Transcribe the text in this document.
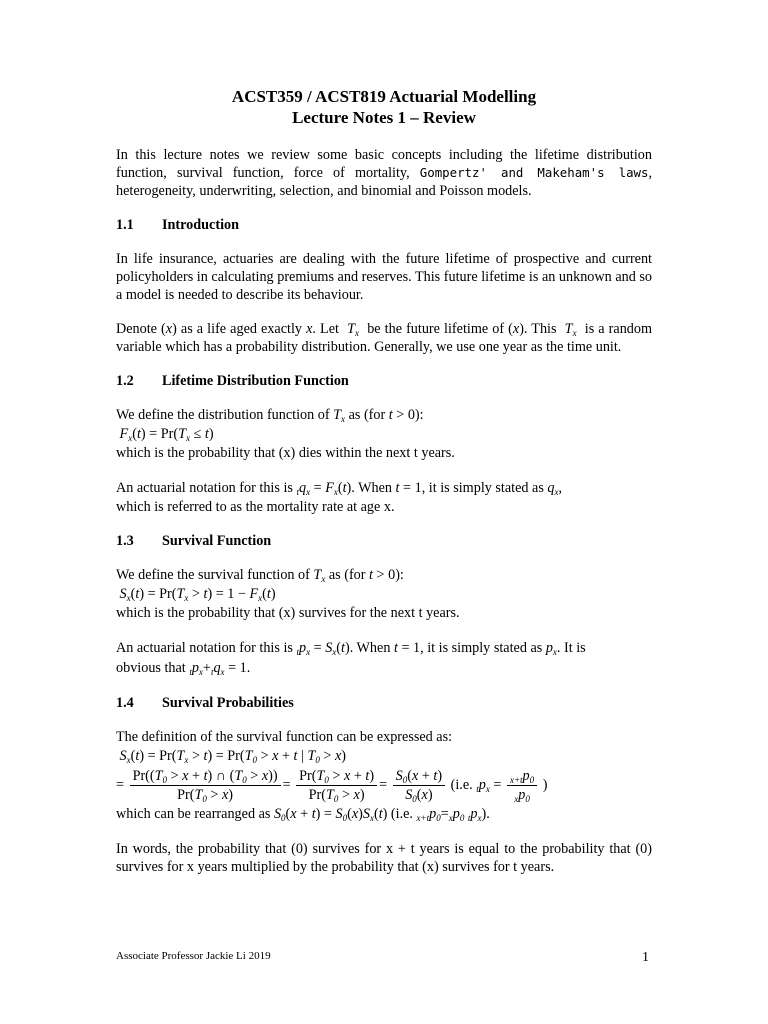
ACST359 / ACST819 Actuarial Modelling
Lecture Notes 1 – Review

In this lecture notes we review some basic concepts including the lifetime distribution function, survival function, force of mortality, Gompertz' and Makeham's laws, heterogeneity, underwriting, selection, and binomial and Poisson models.

1.1 Introduction

In life insurance, actuaries are dealing with the future lifetime of prospective and current policyholders in calculating premiums and reserves. This future lifetime is an unknown and so a model is needed to describe its behaviour.

Denote (x) as a life aged exactly x. Let  $T_x$  be the future lifetime of (x). This  $T_x$  is a random variable which has a probability distribution. Generally, we use one year as the time unit.

1.2 Lifetime Distribution Function

We define the distribution function of $T_x$ as (for t > 0):

$F_x(t) = Pr(T_x \le t)$

which is the probability that (x) dies within the next t years.

An actuarial notation for this is $_tq_x = F_x(t)$. When t = 1, it is simply stated as $q_x$,

which is referred to as the mortality rate at age x.

1.3 Survival Function

We define the survival function of $T_x$ as (for t > 0):

$S_x(t) = Pr(T_x > t) = 1 - F_x(t)$

which is the probability that (x) survives for the next t years.

An actuarial notation for this is $_tp_x = S_x(t)$. When t = 1, it is simply stated as $p_x$. It is

obvious that $_tp_x+_tq_x = 1$.

1.4 Survival Probabilities

The definition of the survival function can be expressed as:

$S_x(t) = Pr(T_x > t) = Pr(T_0 > x + t$ | $T_0 > x$)
= $\frac{Pr((T_0 > x + t) \cap (T_0 > x))}{Pr(T_0 > x)} = \frac{Pr(T_0 > x + t)}{Pr(T_0 > x)} = \frac{S_0(x + t)}{S_0(x)} (i.e$. $_tp_x = \frac{_{x+t}p_0}{_xp_0}$ )

which can be rearranged as $S_0(x + t) = S_0(x)S_x(t)$ (i.e. $_{x+t}p_0=_xp_0$ $_tp_x$).

In words, the probability that (0) survives for x + t years is equal to the probability that (0) survives for x years multiplied by the probability that (x) survives for t years.

Associate Professor Jackie Li 2019	1
